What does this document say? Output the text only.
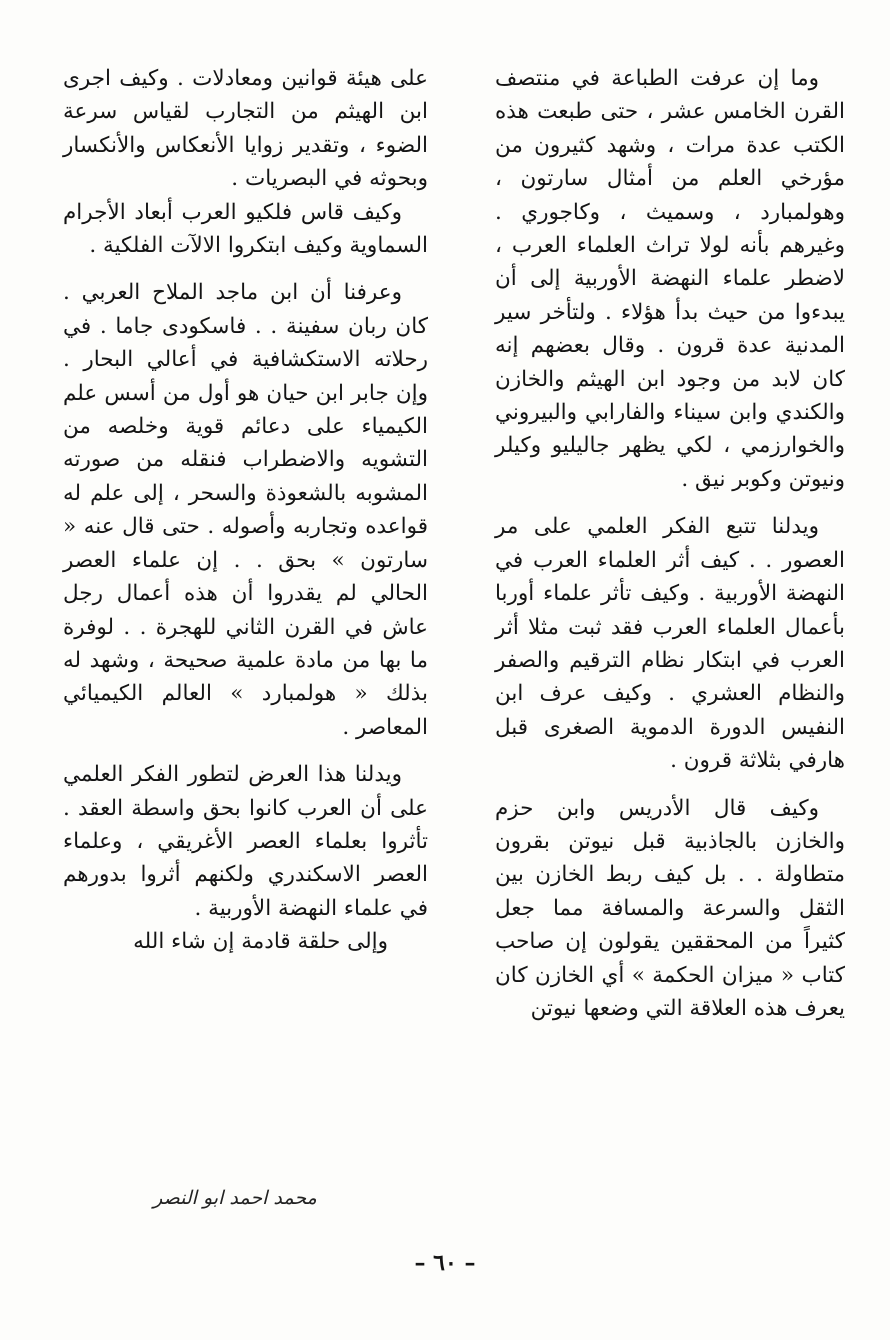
وما إن عرفت الطباعة في منتصف القرن الخامس عشر ، حتى طبعت هذه الكتب عدة مرات ، وشهد كثيرون من مؤرخي العلم من أمثال سارتون ، وهولمبارد ، وسميث ، وكاجوري . وغيرهم بأنه لولا تراث العلماء العرب ، لاضطر علماء النهضة الأوربية إلى أن يبدءوا من حيث بدأ هؤلاء . ولتأخر سير المدنية عدة قرون . وقال بعضهم إنه كان لابد من وجود ابن الهيثم والخازن والكندي وابن سيناء والفارابي والبيروني والخوارزمي ، لكي يظهر جاليليو وكيلر ونيوتن وكوبر نيق .

ويدلنا تتبع الفكر العلمي على مر العصور . . كيف أثر العلماء العرب في النهضة الأوربية . وكيف تأثر علماء أوربا بأعمال العلماء العرب فقد ثبت مثلا أثر العرب في ابتكار نظام الترقيم والصفر والنظام العشري . وكيف عرف ابن النفيس الدورة الدموية الصغرى قبل هارفي بثلاثة قرون .

وكيف قال الأدريس وابن حزم والخازن بالجاذبية قبل نيوتن بقرون متطاولة . . بل كيف ربط الخازن بين الثقل والسرعة والمسافة مما جعل كثيراً من المحققين يقولون إن صاحب كتاب « ميزان الحكمة » أي الخازن كان يعرف هذه العلاقة التي وضعها نيوتن

على هيئة قوانين ومعادلات . وكيف اجرى ابن الهيثم من التجارب لقياس سرعة الضوء ، وتقدير زوايا الأنعكاس والأنكسار وبحوثه في البصريات .

وكيف قاس فلكيو العرب أبعاد الأجرام السماوية وكيف ابتكروا الالآت الفلكية .

وعرفنا أن ابن ماجد الملاح العربي . كان ربان سفينة . . فاسكودى جاما . في رحلاته الاستكشافية في أعالي البحار . وإن جابر ابن حيان هو أول من أسس علم الكيمياء على دعائم قوية وخلصه من التشويه والاضطراب فنقله من صورته المشوبه بالشعوذة والسحر ، إلى علم له قواعده وتجاربه وأصوله . حتى قال عنه « سارتون » بحق . . إن علماء العصر الحالي لم يقدروا أن هذه أعمال رجل عاش في القرن الثاني للهجرة . . لوفرة ما بها من مادة علمية صحيحة ، وشهد له بذلك « هولمبارد » العالم الكيميائي المعاصر .

ويدلنا هذا العرض لتطور الفكر العلمي على أن العرب كانوا بحق واسطة العقد . تأثروا بعلماء العصر الأغريقي ، وعلماء العصر الاسكندري ولكنهم أثروا بدورهم في علماء النهضة الأوربية .

وإلى حلقة قادمة إن شاء الله

محمد احمد ابو النصر
– ٦٠ –
